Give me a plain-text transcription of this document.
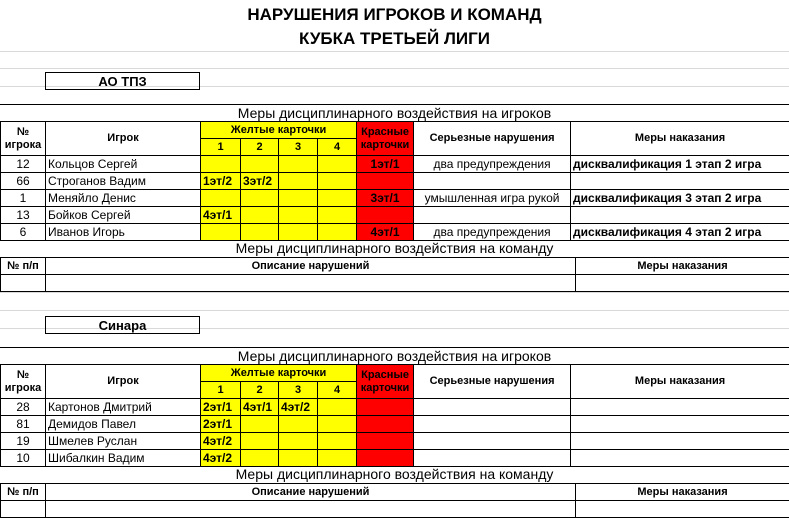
НАРУШЕНИЯ ИГРОКОВ И КОМАНД
КУБКА ТРЕТЬЕЙ ЛИГИ
АО ТПЗ
Меры дисциплинарного воздействия на игроков
№ игрока	Игрок	Желтые карточки				Красные карточки	Серьезные нарушения	Меры наказания
		1	2	3	4			
12	Кольцов Сергей					1эт/1	два предупреждения	дисквалификация 1 этап 2 игра
66	Строганов Вадим	1эт/2	3эт/2					
1	Меняйло Денис					3эт/1	умышленная игра рукой	дисквалификация 3 этап 2 игра
13	Бойков Сергей	4эт/1						
6	Иванов Игорь					4эт/1	два предупреждения	дисквалификация 4 этап 2 игра
Меры дисциплинарного воздействия на команду
№ п/п	Описание нарушений	Меры наказания

Синара
Меры дисциплинарного воздействия на игроков
№ игрока	Игрок	Желтые карточки				Красные карточки	Серьезные нарушения	Меры наказания
		1	2	3	4			
28	Картонов Дмитрий	2эт/1	4эт/1	4эт/2				
81	Демидов Павел	2эт/1						
19	Шмелев Руслан	4эт/2						
10	Шибалкин Вадим	4эт/2						
Меры дисциплинарного воздействия на команду
№ п/п	Описание нарушений	Меры наказания
